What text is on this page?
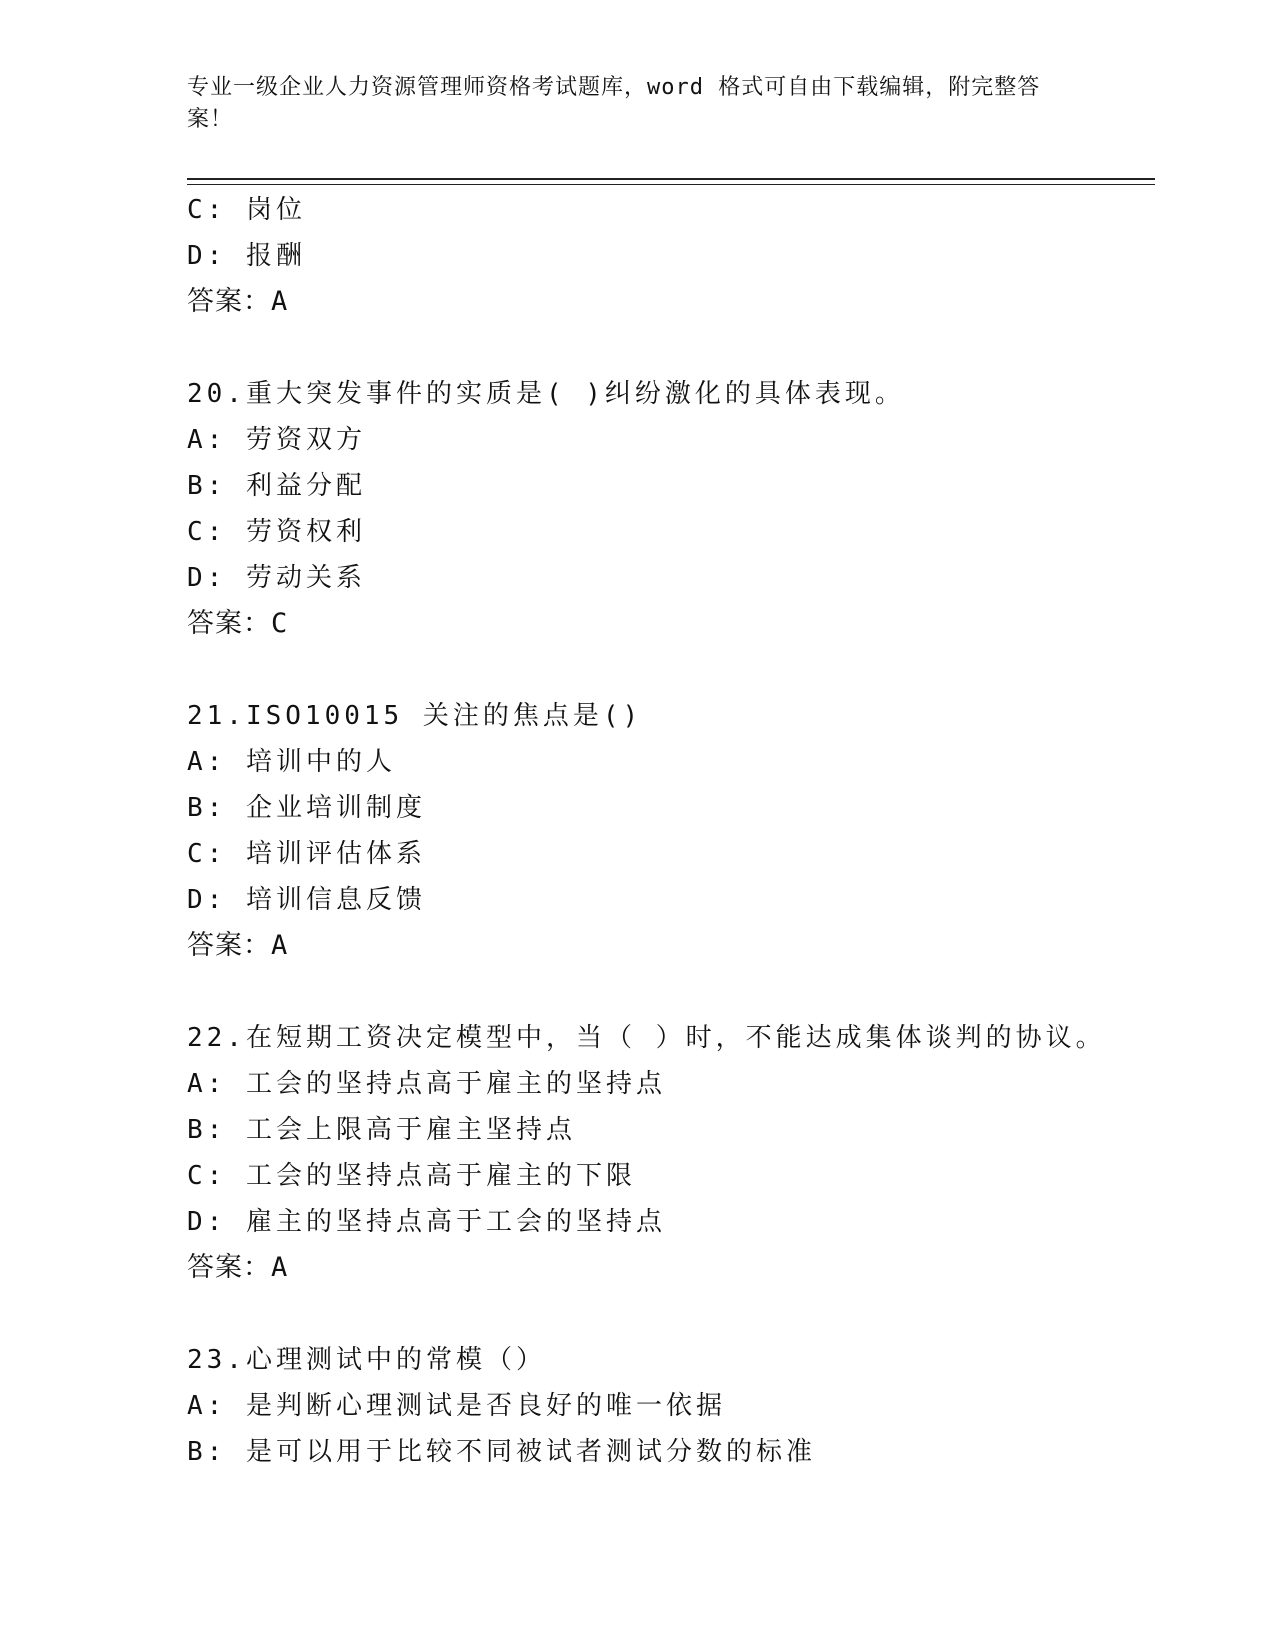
专业一级企业人力资源管理师资格考试题库，word 格式可自由下载编辑，附完整答案！
C: 岗位
D: 报酬
答案：A
20.重大突发事件的实质是( )纠纷激化的具体表现。
A: 劳资双方
B: 利益分配
C: 劳资权利
D: 劳动关系
答案：C
21.ISO10015 关注的焦点是()
A: 培训中的人
B: 企业培训制度
C: 培训评估体系
D: 培训信息反馈
答案：A
22.在短期工资决定模型中，当（ ）时，不能达成集体谈判的协议。
A: 工会的坚持点高于雇主的坚持点
B: 工会上限高于雇主坚持点
C: 工会的坚持点高于雇主的下限
D: 雇主的坚持点高于工会的坚持点
答案：A
23.心理测试中的常模（）
A: 是判断心理测试是否良好的唯一依据
B: 是可以用于比较不同被试者测试分数的标准
